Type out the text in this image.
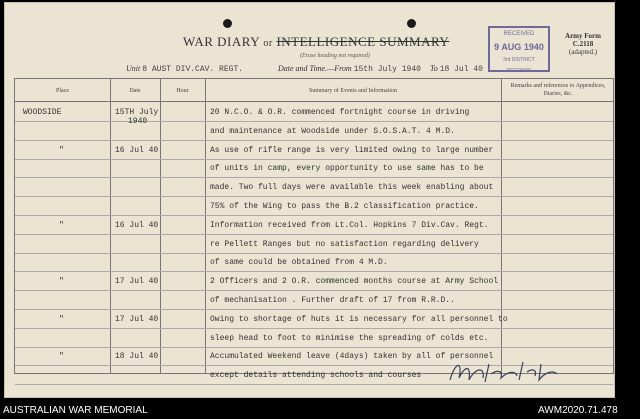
WAR DIARY or INTELLIGENCE SUMMARY
(Erase heading not required)
RECEIVED
9 AUG 1940
3rd DISTRICT
RECORDS
Army Form C.2118
(adapted.)
Unit 8 AUST DIV.CAV. REGT.	Date and Time.—From 15th July 1940 To 18 Jul 40
Place	Date	Hour	Summary of Events and Information
Remarks and references to Appendices, Diaries, &c.
WOODSIDE	15TH July
1940
20 N.C.O. & O.R. commenced fortnight course in driving
and maintenance at Woodside under S.O.S.A.T. 4 M.D.
"	16 Jul 40	As use of rifle range is very limited owing to large number
of units in camp, every opportunity to use same has to be
made. Two full days were available this week enabling about
75% of the Wing to pass the B.2 classification practice.
"	16 Jul 40	Information received from Lt.Col. Hopkins 7 Div.Cav. Regt.
re Pellett Ranges but no satisfaction regarding delivery
of same could be obtained from 4 M.D.
"	17 Jul 40	2 Officers and 2 O.R. commenced months course at Army School
of mechanisation . Further draft of 17 from R.R.D..
"	17 Jul 40	Owing to shortage of huts it is necessary for all personnel to
sleep head to foot to minimise the spreading of colds etc.
"	18 Jul 40	Accumulated Weekend leave (4days) taken by all of personnel
except details attending schools and courses
AUSTRALIAN WAR MEMORIAL	AWM2020.71.478
